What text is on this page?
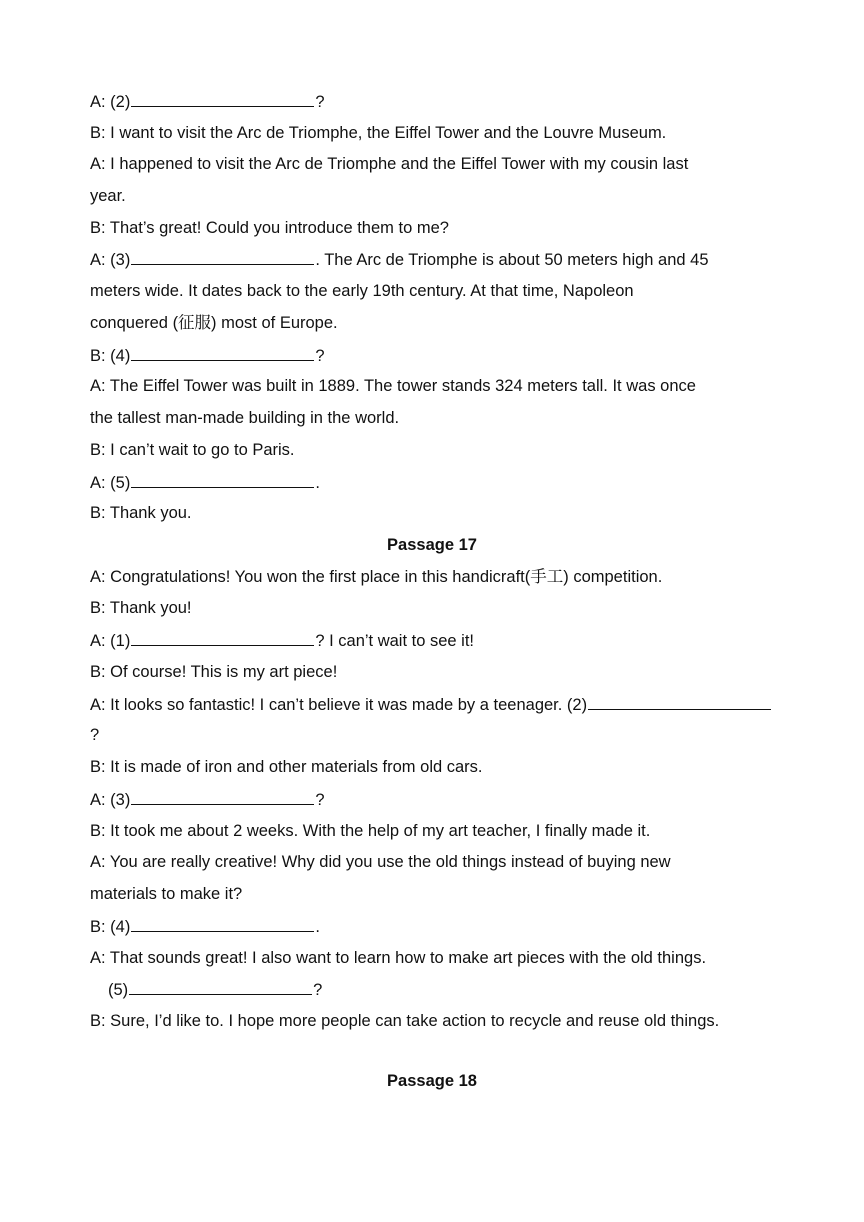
A: (2)	?
B: I want to visit the Arc de Triomphe, the Eiffel Tower and the Louvre Museum.
A: I happened to visit the Arc de Triomphe and the Eiffel Tower with my cousin last
year.
B: That’s great! Could you introduce them to me?
A: (3)	. The Arc de Triomphe is about 50 meters high and 45
meters wide. It dates back to the early 19th century. At that time, Napoleon
conquered (征服) most of Europe.
B: (4)	?
A: The Eiffel Tower was built in 1889. The tower stands 324 meters tall. It was once
the tallest man-made building in the world.
B: I can’t wait to go to Paris.
A: (5)	.
B: Thank you.
Passage 17
A: Congratulations! You won the first place in this handicraft(手工) competition.
B: Thank you!
A: (1)	? I can’t wait to see it!
B: Of course! This is my art piece!
A: It looks so fantastic! I can’t believe it was made by a teenager. (2)
?
B: It is made of iron and other materials from old cars.
A: (3)	?
B: It took me about 2 weeks. With the help of my art teacher, I finally made it.
A: You are really creative! Why did you use the old things instead of buying new
materials to make it?
B: (4)	.
A: That sounds great! I also want to learn how to make art pieces with the old things.
(5)	?
B: Sure, I’d like to. I hope more people can take action to recycle and reuse old things.
Passage 18
